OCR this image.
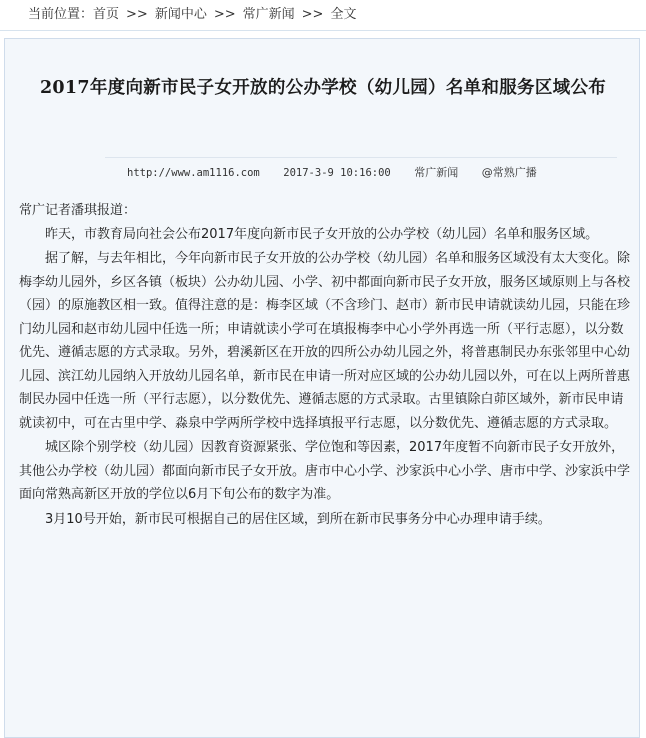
当前位置：首页 >> 新闻中心 >> 常广新闻 >> 全文
2017年度向新市民子女开放的公办学校（幼儿园）名单和服务区域公布
http://www.am1116.com 2017-3-9 10:16:00 常广新闻 @常熟广播

常广记者潘琪报道：

昨天，市教育局向社会公布2017年度向新市民子女开放的公办学校（幼儿园）名单和服务区域。

据了解，与去年相比，今年向新市民子女开放的公办学校（幼儿园）名单和服务区域没有太大变化。除梅李幼儿园外，乡区各镇（板块）公办幼儿园、小学、初中都面向新市民子女开放，服务区域原则上与各校（园）的原施教区相一致。值得注意的是：梅李区域（不含珍门、赵市）新市民申请就读幼儿园，只能在珍门幼儿园和赵市幼儿园中任选一所；申请就读小学可在填报梅李中心小学外再选一所（平行志愿），以分数优先、遵循志愿的方式录取。另外，碧溪新区在开放的四所公办幼儿园之外，将普惠制民办东张邻里中心幼儿园、滨江幼儿园纳入开放幼儿园名单，新市民在申请一所对应区域的公办幼儿园以外，可在以上两所普惠制民办园中任选一所（平行志愿），以分数优先、遵循志愿的方式录取。古里镇除白茆区域外，新市民申请就读初中，可在古里中学、淼泉中学两所学校中选择填报平行志愿，以分数优先、遵循志愿的方式录取。

城区除个别学校（幼儿园）因教育资源紧张、学位饱和等因素，2017年度暂不向新市民子女开放外，其他公办学校（幼儿园）都面向新市民子女开放。唐市中心小学、沙家浜中心小学、唐市中学、沙家浜中学面向常熟高新区开放的学位以6月下旬公布的数字为准。

3月10号开始，新市民可根据自己的居住区域，到所在新市民事务分中心办理申请手续。
